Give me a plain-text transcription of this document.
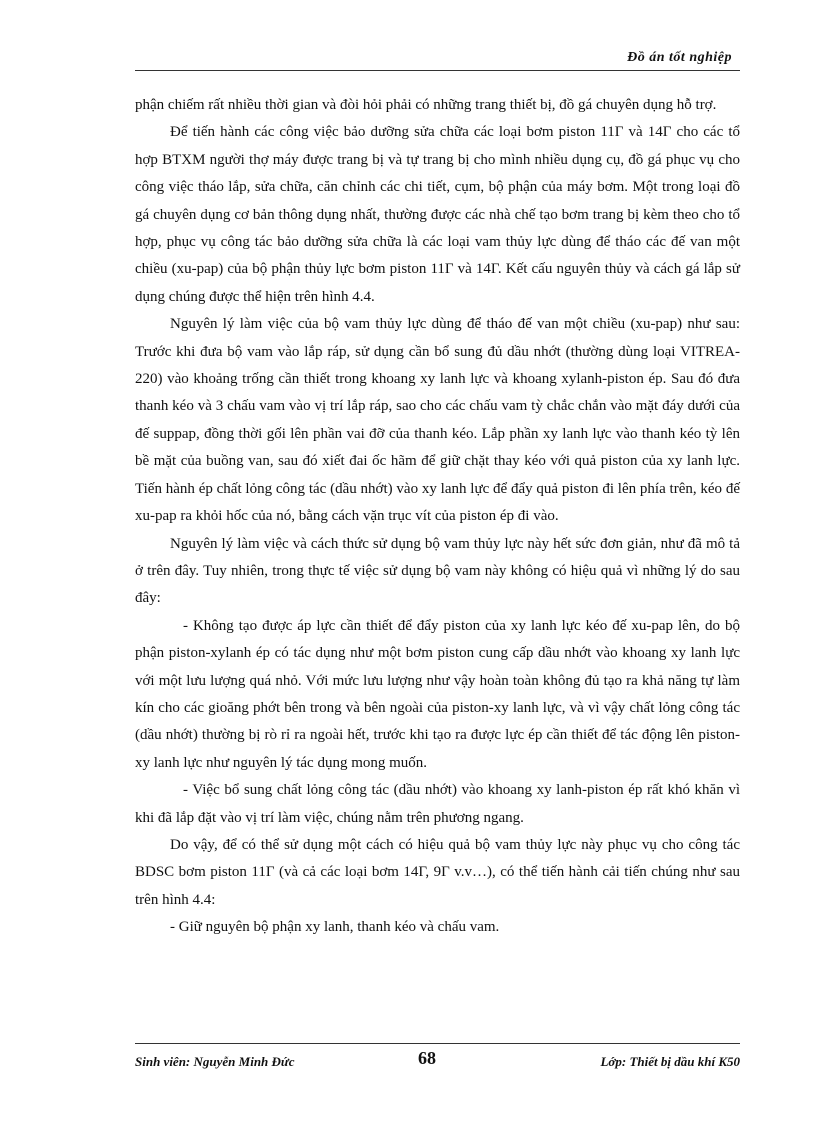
Đồ án tốt nghiệp

phận chiếm rất nhiều thời gian và đòi hỏi phải có những trang thiết bị, đồ gá chuyên dụng hỗ trợ.

Để tiến hành các công việc bảo dưỡng sửa chữa các loại bơm piston 11Г và 14Г cho các tổ hợp BTXM người thợ máy được trang bị và tự trang bị cho mình nhiều dụng cụ, đồ gá phục vụ cho công việc tháo lắp, sửa chữa, căn chỉnh các chi tiết, cụm, bộ phận của máy bơm. Một trong loại đồ gá chuyên dụng cơ bản thông dụng nhất, thường được các nhà chế tạo bơm trang bị kèm theo cho tổ hợp, phục vụ công tác bảo dưỡng sửa chữa là các loại vam thủy lực dùng để tháo các đế van một chiều (xu-pap) của bộ phận thủy lực bơm piston 11Г và 14Г. Kết cấu nguyên thủy và cách gá lắp sử dụng chúng được thể hiện trên hình 4.4.

Nguyên lý làm việc của bộ vam thủy lực dùng để tháo đế van một chiều (xu-pap) như sau: Trước khi đưa bộ vam vào lắp ráp, sử dụng cần bổ sung đủ dầu nhớt (thường dùng loại VITREA-220) vào khoảng trống cần thiết trong khoang xy lanh lực và khoang xylanh-piston ép. Sau đó đưa thanh kéo và 3 chấu vam vào vị trí lắp ráp, sao cho các chấu vam tỳ chắc chắn vào mặt đáy dưới của đế suppap, đồng thời gối lên phần vai đỡ của thanh kéo. Lắp phần xy lanh lực vào thanh kéo tỳ lên bề mặt của buồng van, sau đó xiết đai ốc hãm để giữ chặt thay kéo với quả piston của xy lanh lực. Tiến hành ép chất lỏng công tác (dầu nhớt) vào xy lanh lực để đẩy quả piston đi lên phía trên, kéo đế xu-pap ra khỏi hốc của nó, bằng cách vặn trục vít của piston ép đi vào.

Nguyên lý làm việc và cách thức sử dụng bộ vam thủy lực này hết sức đơn giản, như đã mô tả ở trên đây. Tuy nhiên, trong thực tế việc sử dụng bộ vam này không có hiệu quả vì những lý do sau đây:

- Không tạo được áp lực cần thiết để đẩy piston của xy lanh lực kéo đế xu-pap lên, do bộ phận piston-xylanh ép có tác dụng như một bơm piston cung cấp dầu nhớt vào khoang xy lanh lực với một lưu lượng quá nhỏ. Với mức lưu lượng như vậy hoàn toàn không đủ tạo ra khả năng tự làm kín cho các gioăng phớt bên trong và bên ngoài của piston-xy lanh lực, và vì vậy chất lỏng công tác (dầu nhớt) thường bị rò rỉ ra ngoài hết, trước khi tạo ra được lực ép cần thiết để tác động lên piston-xy lanh lực như nguyên lý tác dụng mong muốn.

- Việc bổ sung chất lỏng công tác (dầu nhớt) vào khoang xy lanh-piston ép rất khó khăn vì khi đã lắp đặt vào vị trí làm việc, chúng nằm trên phương ngang.

Do vậy, để có thể sử dụng một cách có hiệu quả bộ vam thủy lực này phục vụ cho công tác BDSC bơm piston 11Г (và cả các loại bơm 14Г, 9Г v.v…), có thể tiến hành cải tiến chúng như sau trên hình 4.4:

- Giữ nguyên bộ phận xy lanh, thanh kéo và chấu vam.

Sinh viên: Nguyễn Minh Đức	68	Lớp: Thiết bị dầu khí K50
